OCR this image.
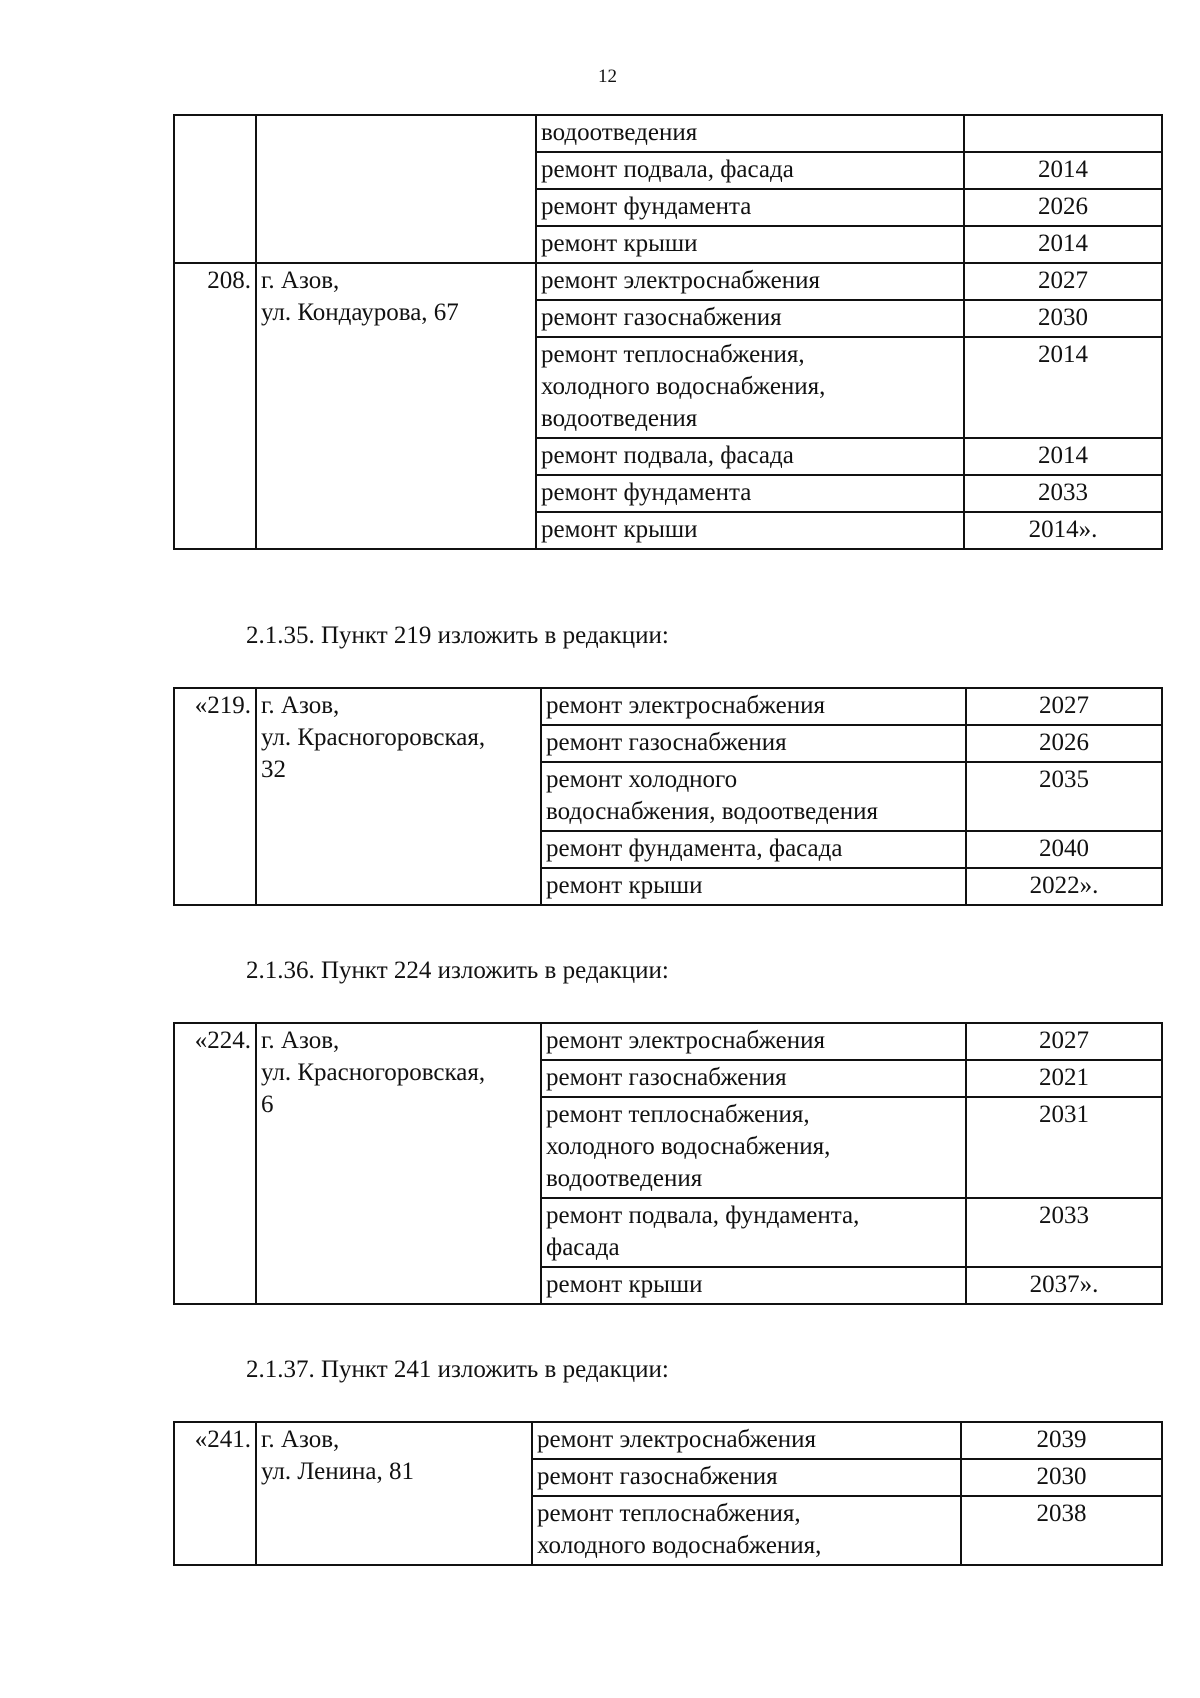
12
		водоотведения	
		ремонт подвала, фасада	2014
		ремонт фундамента	2026
		ремонт крыши	2014
208.	г. Азов,
ул. Кондаурова, 67	ремонт электроснабжения	2027
		ремонт газоснабжения	2030
		ремонт теплоснабжения,
холодного водоснабжения,
водоотведения	2014
		ремонт подвала, фасада	2014
		ремонт фундамента	2033
		ремонт крыши	2014».
«219.	г. Азов,
ул. Красногоровская,
32	ремонт электроснабжения	2027
		ремонт газоснабжения	2026
		ремонт холодного
водоснабжения, водоотведения	2035
		ремонт фундамента, фасада	2040
		ремонт крыши	2022».
«224.	г. Азов,
ул. Красногоровская,
6	ремонт электроснабжения	2027
		ремонт газоснабжения	2021
		ремонт теплоснабжения,
холодного водоснабжения,
водоотведения	2031
		ремонт подвала, фундамента,
фасада	2033
		ремонт крыши	2037».
«241.	г. Азов,
ул. Ленина, 81	ремонт электроснабжения	2039
		ремонт газоснабжения	2030
		ремонт теплоснабжения,
холодного водоснабжения,	2038
2.1.35. Пункт 219 изложить в редакции:
2.1.36. Пункт 224 изложить в редакции:
2.1.37. Пункт 241 изложить в редакции:
